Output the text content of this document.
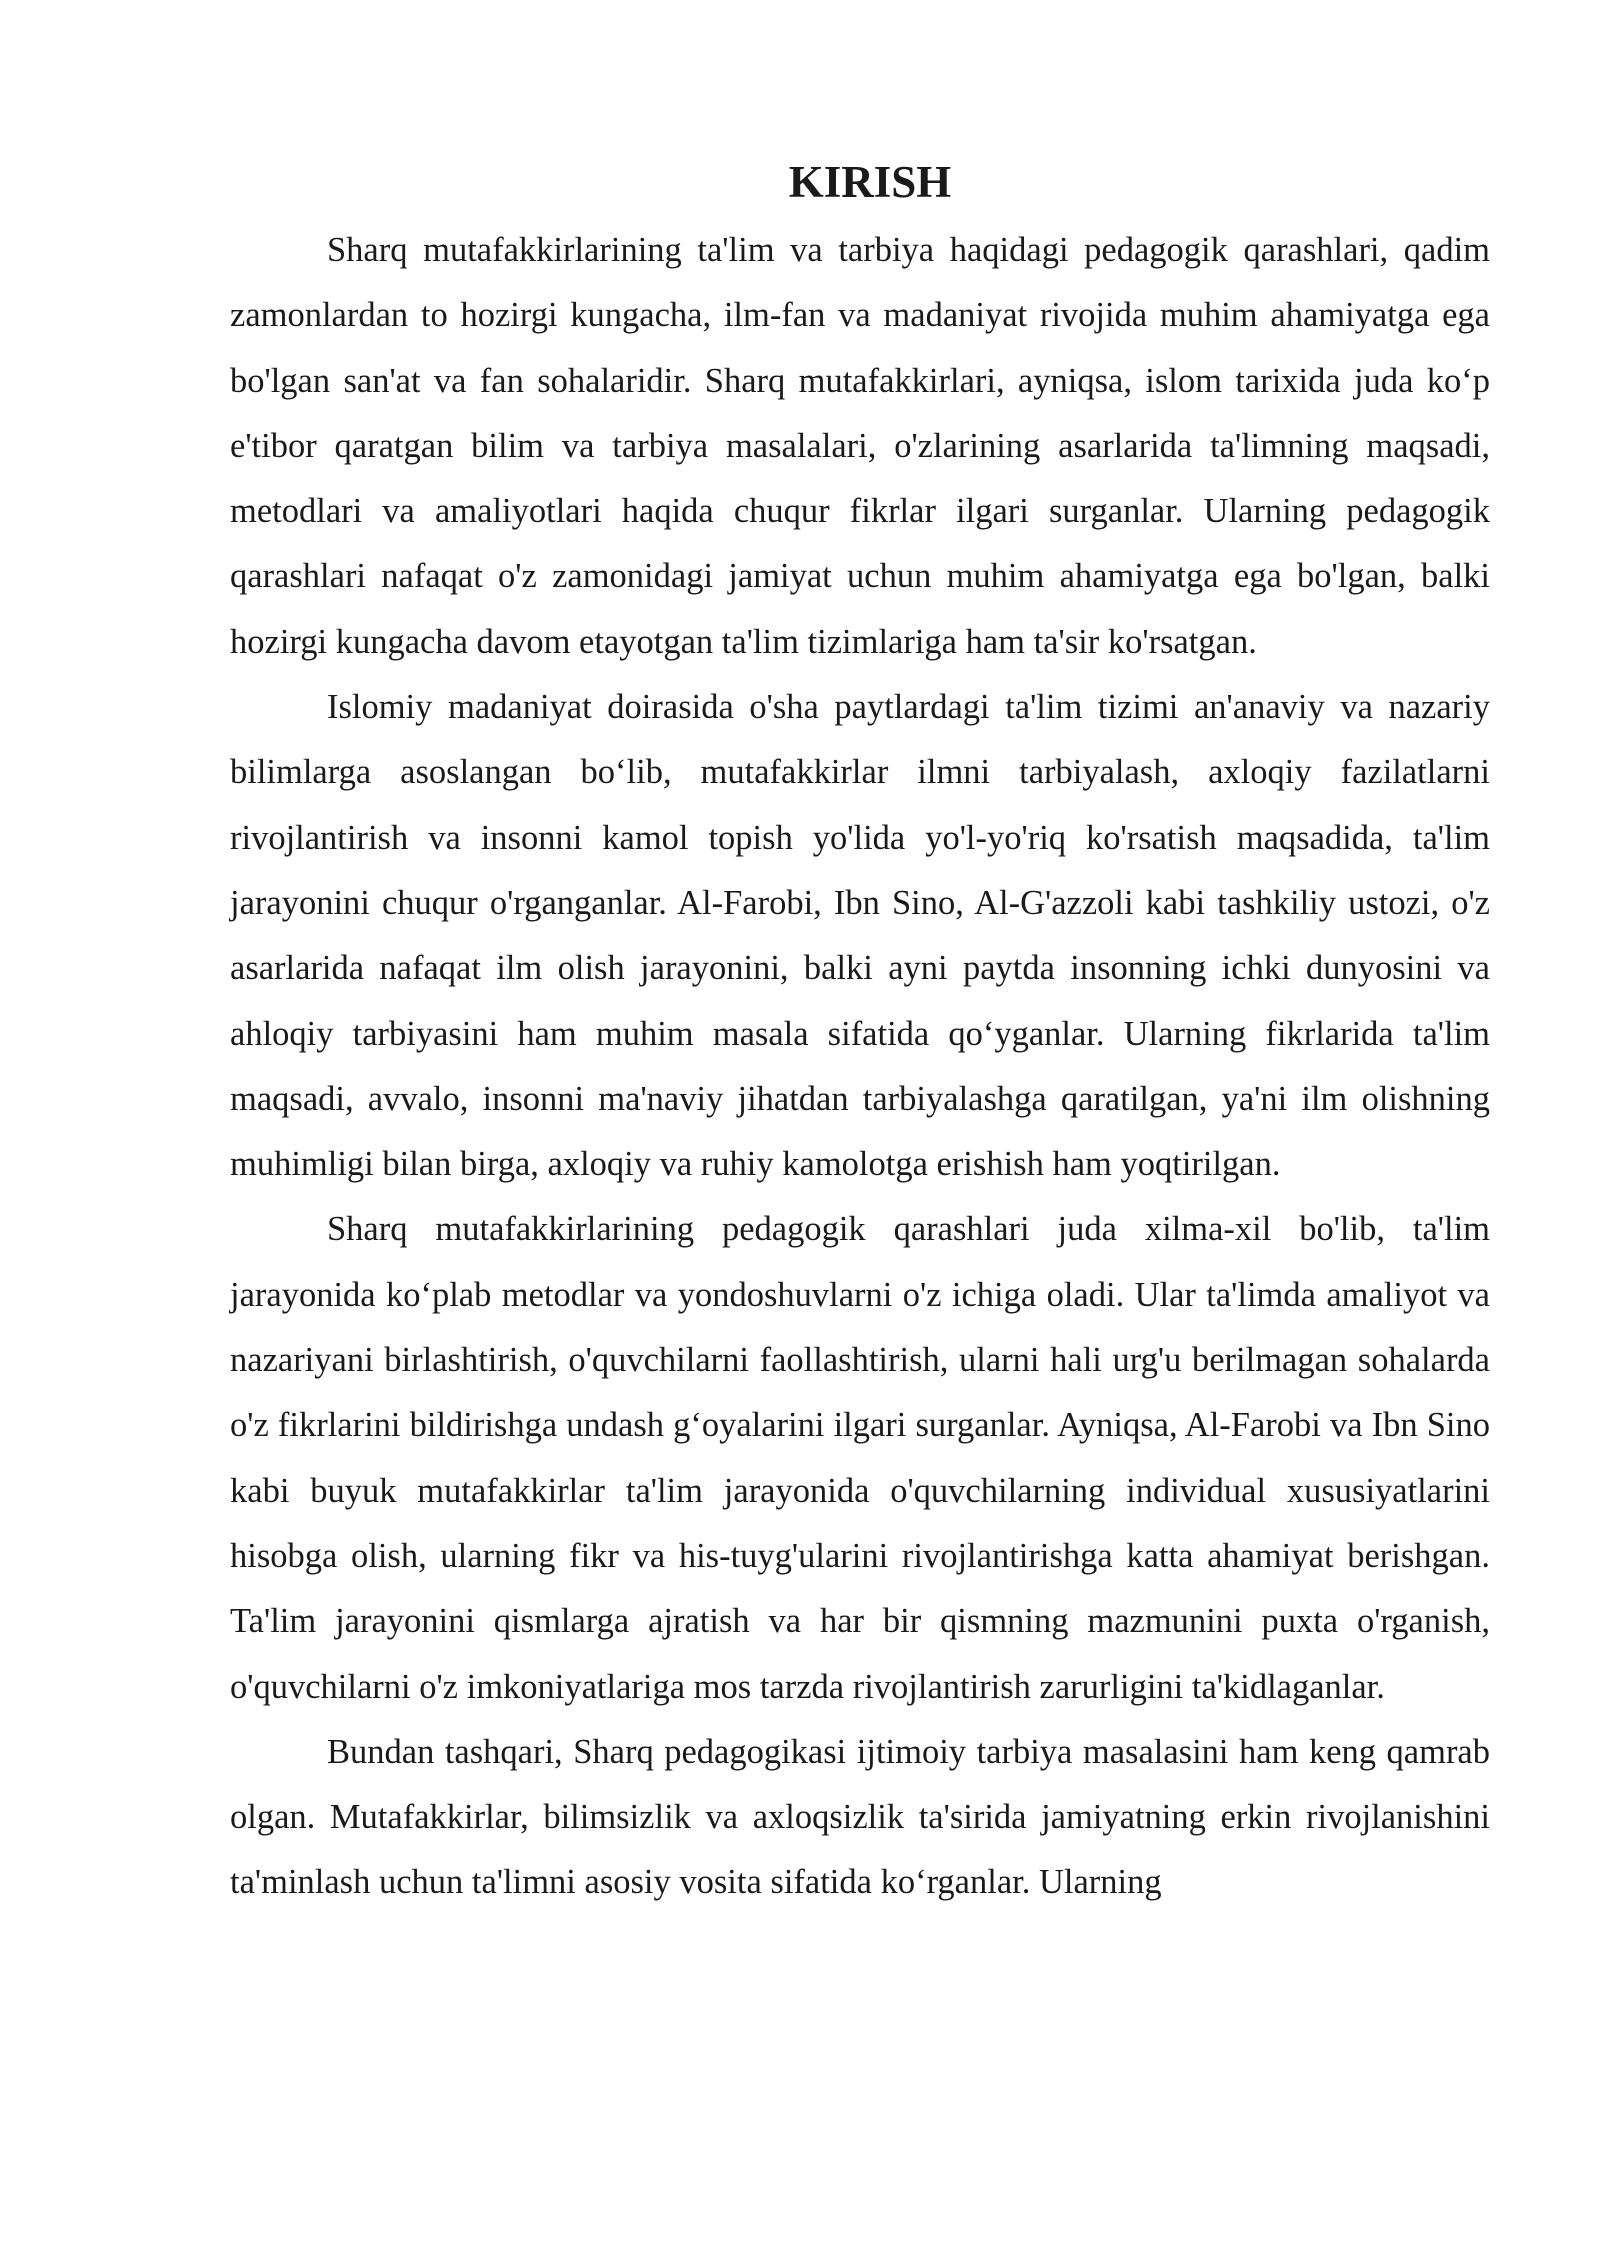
KIRISH

Sharq mutafakkirlarining ta'lim va tarbiya haqidagi pedagogik qarashlari, qadim zamonlardan to hozirgi kungacha, ilm-fan va madaniyat rivojida muhim ahamiyatga ega bo'lgan san'at va fan sohalaridir. Sharq mutafakkirlari, ayniqsa, islom tarixida juda ko‘p e'tibor qaratgan bilim va tarbiya masalalari, o'zlarining asarlarida ta'limning maqsadi, metodlari va amaliyotlari haqida chuqur fikrlar ilgari surganlar. Ularning pedagogik qarashlari nafaqat o'z zamonidagi jamiyat uchun muhim ahamiyatga ega bo'lgan, balki hozirgi kungacha davom etayotgan ta'lim tizimlariga ham ta'sir ko'rsatgan.

Islomiy madaniyat doirasida o'sha paytlardagi ta'lim tizimi an'anaviy va nazariy bilimlarga asoslangan bo‘lib, mutafakkirlar ilmni tarbiyalash, axloqiy fazilatlarni rivojlantirish va insonni kamol topish yo'lida yo'l-yo'riq ko'rsatish maqsadida, ta'lim jarayonini chuqur o'rganganlar. Al-Farobi, Ibn Sino, Al-G'azzoli kabi tashkiliy ustozi, o'z asarlarida nafaqat ilm olish jarayonini, balki ayni paytda insonning ichki dunyosini va ahloqiy tarbiyasini ham muhim masala sifatida qo‘yganlar. Ularning fikrlarida ta'lim maqsadi, avvalo, insonni ma'naviy jihatdan tarbiyalashga qaratilgan, ya'ni ilm olishning muhimligi bilan birga, axloqiy va ruhiy kamolotga erishish ham yoqtirilgan.

Sharq mutafakkirlarining pedagogik qarashlari juda xilma-xil bo'lib, ta'lim jarayonida ko‘plab metodlar va yondoshuvlarni o'z ichiga oladi. Ular ta'limda amaliyot va nazariyani birlashtirish, o'quvchilarni faollashtirish, ularni hali urg'u berilmagan sohalarda o'z fikrlarini bildirishga undash g‘oyalarini ilgari surganlar. Ayniqsa, Al-Farobi va Ibn Sino kabi buyuk mutafakkirlar ta'lim jarayonida o'quvchilarning individual xususiyatlarini hisobga olish, ularning fikr va his-tuyg'ularini rivojlantirishga katta ahamiyat berishgan. Ta'lim jarayonini qismlarga ajratish va har bir qismning mazmunini puxta o'rganish, o'quvchilarni o'z imkoniyatlariga mos tarzda rivojlantirish zarurligini ta'kidlaganlar.

Bundan tashqari, Sharq pedagogikasi ijtimoiy tarbiya masalasini ham keng qamrab olgan. Mutafakkirlar, bilimsizlik va axloqsizlik ta'sirida jamiyatning erkin rivojlanishini ta'minlash uchun ta'limni asosiy vosita sifatida ko‘rganlar. Ularning
